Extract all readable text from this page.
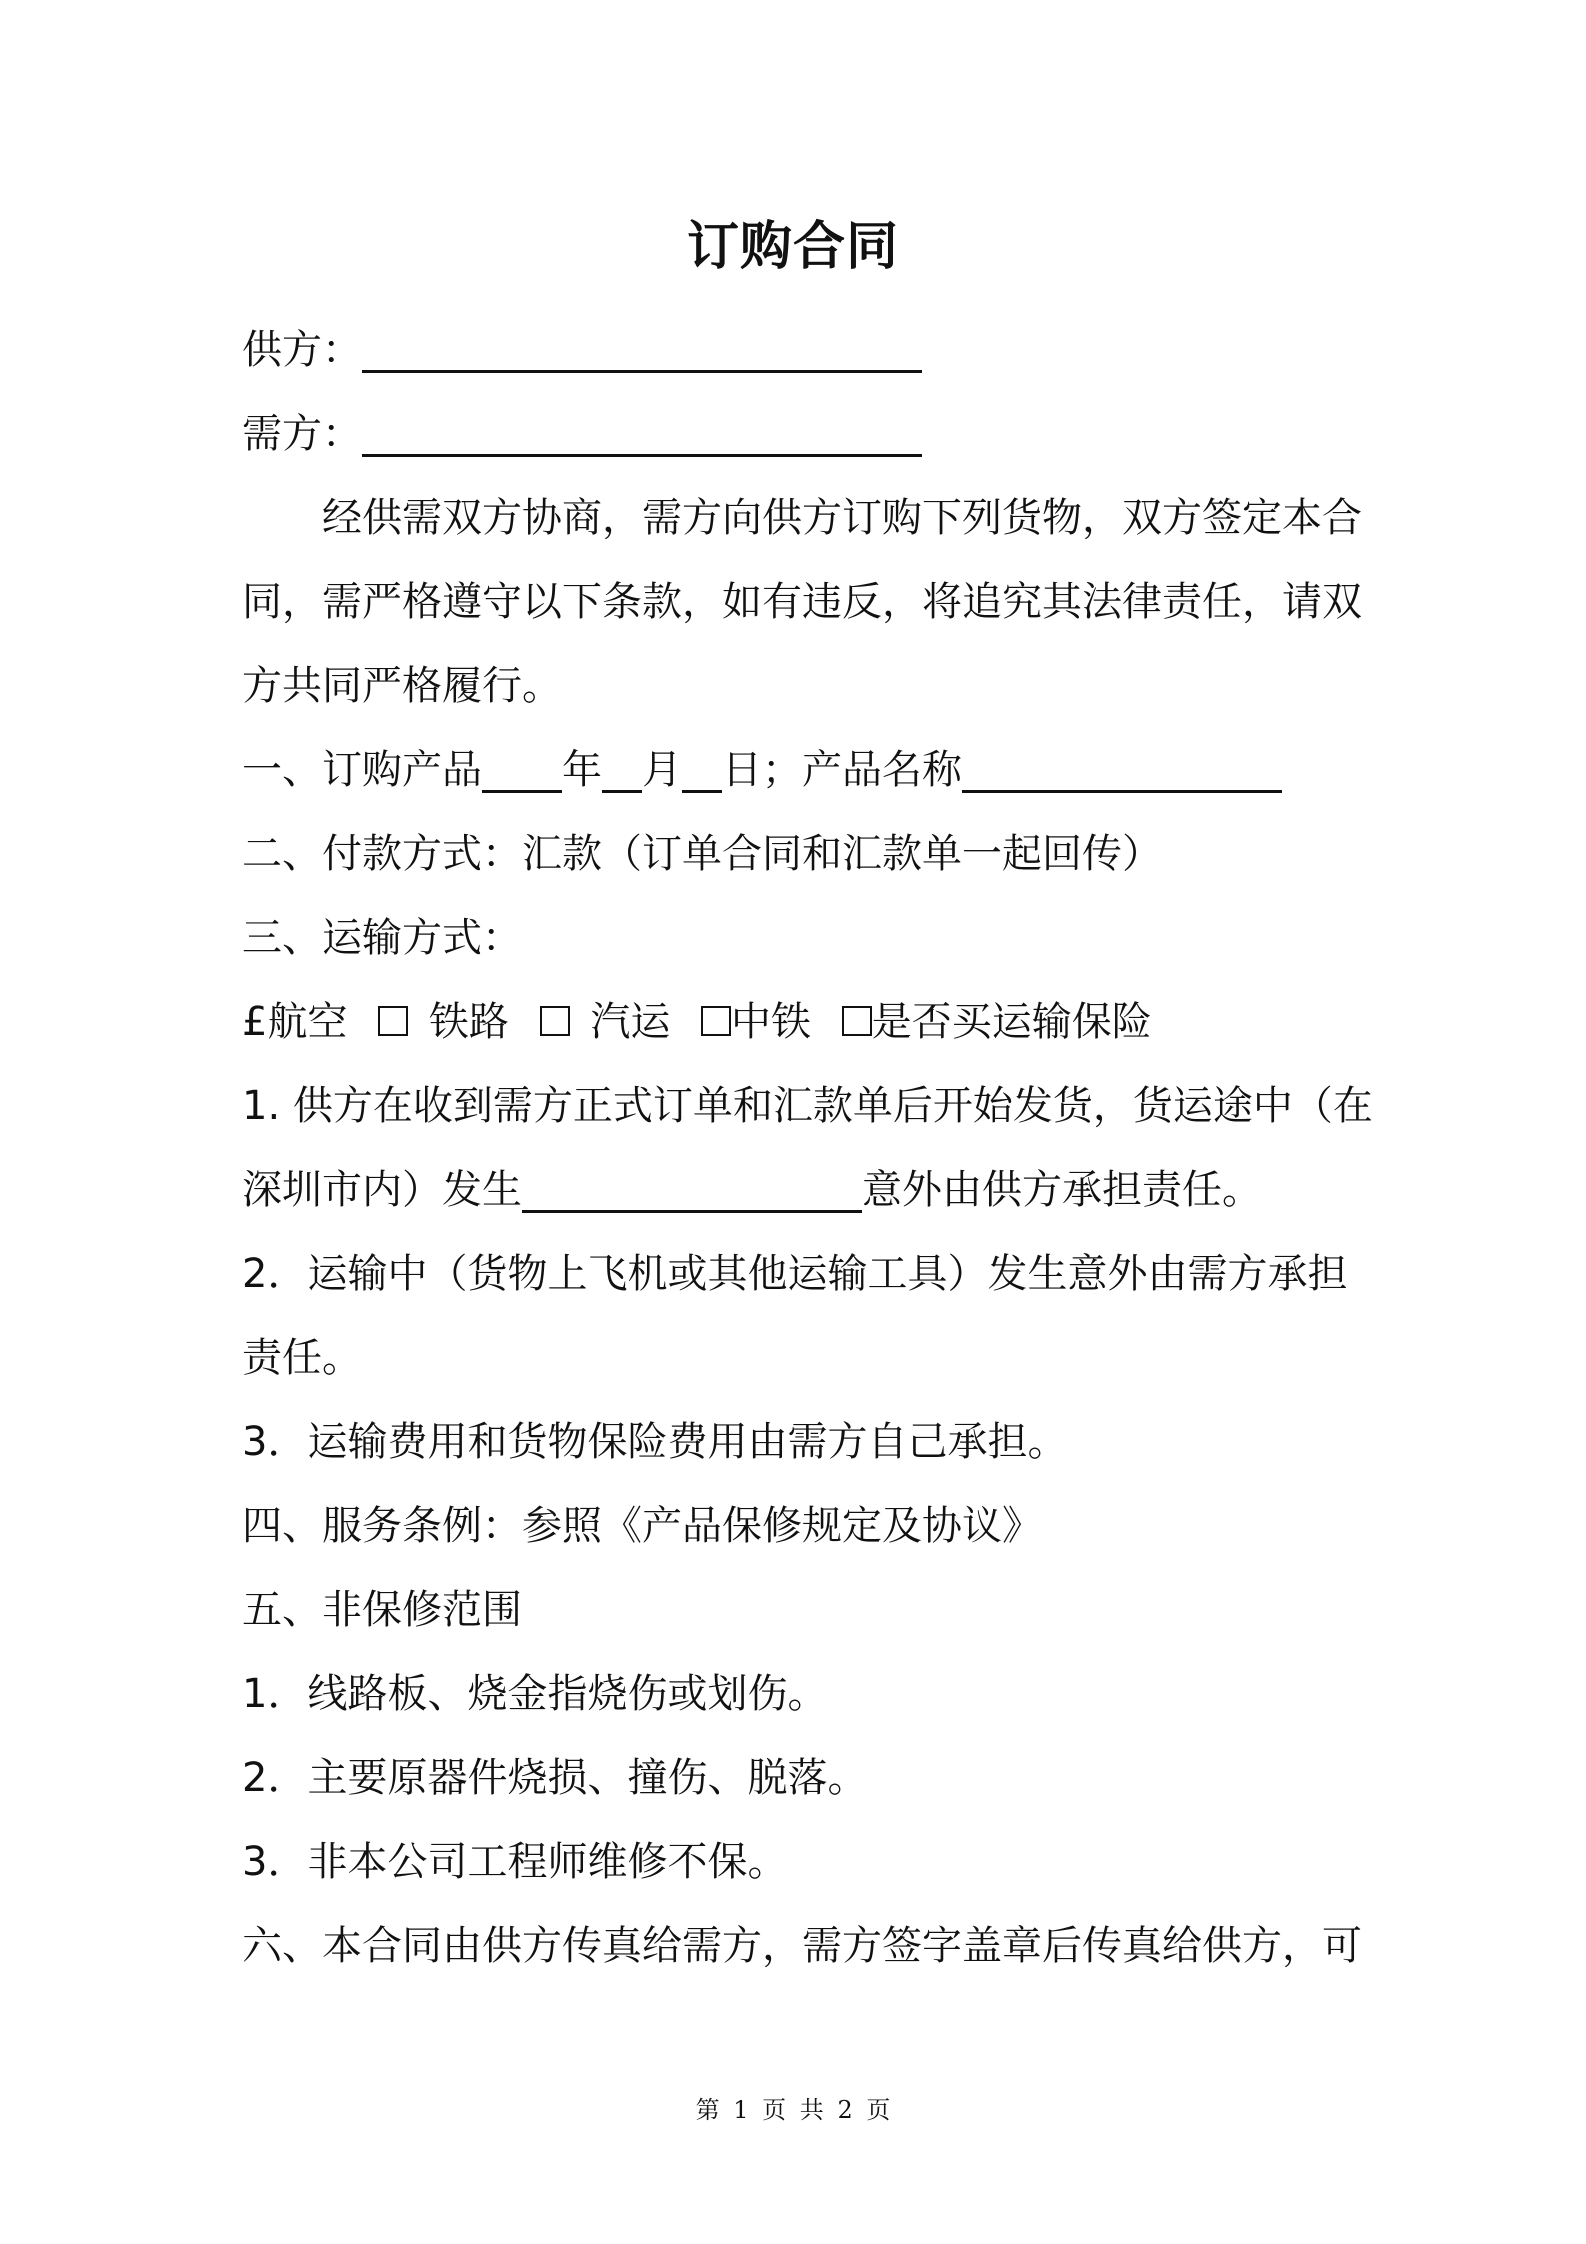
订购合同
供方：
需方：
经供需双方协商，需方向供方订购下列货物，双方签定本合
同，需严格遵守以下条款，如有违反，将追究其法律责任，请双
方共同严格履行。
一、订购产品 年 月 日；产品名称
二、付款方式：汇款（订单合同和汇款单一起回传）
三、运输方式：
£航空 铁路 汽运 中铁 是否买运输保险
1. 供方在收到需方正式订单和汇款单后开始发货，货运途中（在
深圳市内）发生	意外由供方承担责任。
2．运输中（货物上飞机或其他运输工具）发生意外由需方承担
责任。
3．运输费用和货物保险费用由需方自己承担。
四、服务条例：参照《产品保修规定及协议》
五、非保修范围
1．线路板、烧金指烧伤或划伤。
2．主要原器件烧损、撞伤、脱落。
3．非本公司工程师维修不保。
六、本合同由供方传真给需方，需方签字盖章后传真给供方，可
第 1 页 共 2 页
